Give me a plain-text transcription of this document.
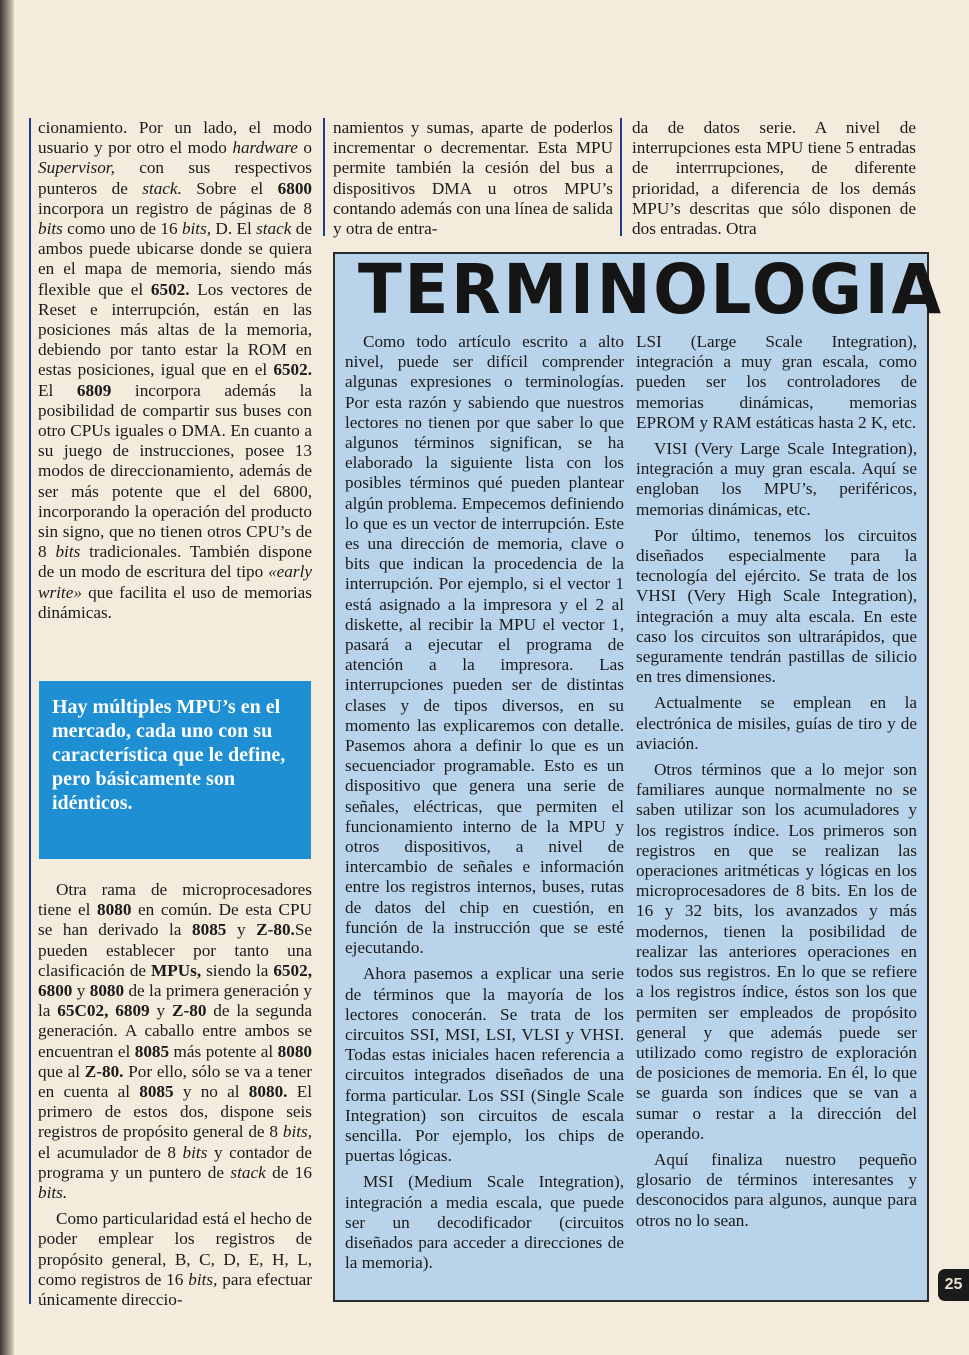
cionamiento. Por un lado, el modo usuario y por otro el modo hardware o Supervisor, con sus respectivos punteros de stack. Sobre el 6800 incorpora un registro de páginas de 8 bits como uno de 16 bits, D. El stack de ambos puede ubicarse donde se quiera en el mapa de memoria, siendo más flexible que el 6502. Los vectores de Reset e interrupción, están en las posiciones más altas de la memoria, debiendo por tanto estar la ROM en estas posiciones, igual que en el 6502. El 6809 incorpora además la posibilidad de compartir sus buses con otro CPUs iguales o DMA. En cuanto a su juego de instrucciones, posee 13 modos de direccionamiento, además de ser más potente que el del 6800, incorporando la operación del producto sin signo, que no tienen otros CPU’s de 8 bits tradicionales. También dispone de un modo de escritura del tipo «early write» que facilita el uso de memorias dinámicas.

Hay múltiples MPU’s en el mercado, cada uno con su característica que le define, pero básicamente son idénticos.

Otra rama de microprocesadores tiene el 8080 en común. De esta CPU se han derivado la 8085 y Z-80.Se pueden establecer por tanto una clasificación de MPUs, siendo la 6502, 6800 y 8080 de la primera generación y la 65C02, 6809 y Z-80 de la segunda generación. A caballo entre ambos se encuentran el 8085 más potente al 8080 que al Z-80. Por ello, sólo se va a tener en cuenta al 8085 y no al 8080. El primero de estos dos, dispone seis registros de propósito general de 8 bits, el acumulador de 8 bits y contador de programa y un puntero de stack de 16 bits.

Como particularidad está el hecho de poder emplear los registros de propósito general, B, C, D, E, H, L, como registros de 16 bits, para efectuar únicamente direccio-

namientos y sumas, aparte de poderlos incrementar o decrementar. Esta MPU permite también la cesión del bus a dispositivos DMA u otros MPU’s contando además con una línea de salida y otra de entra-

da de datos serie. A nivel de interrupciones esta MPU tiene 5 entradas de interrrupciones, de diferente prioridad, a diferencia de los demás MPU’s descritas que sólo disponen de dos entradas. Otra

TERMINOLOGIA

Como todo artículo escrito a alto nivel, puede ser difícil comprender algunas expresiones o terminologías. Por esta razón y sabiendo que nuestros lectores no tienen por que saber lo que algunos términos significan, se ha elaborado la siguiente lista con los posibles términos qué pueden plantear algún problema. Empecemos definiendo lo que es un vector de interrupción. Este es una dirección de memoria, clave o bits que indican la procedencia de la interrupción. Por ejemplo, si el vector 1 está asignado a la impresora y el 2 al diskette, al recibir la MPU el vector 1, pasará a ejecutar el programa de atención a la impresora. Las interrupciones pueden ser de distintas clases y de tipos diversos, en su momento las explicaremos con detalle. Pasemos ahora a definir lo que es un secuenciador programable. Esto es un dispositivo que genera una serie de señales, eléctricas, que permiten el funcionamiento interno de la MPU y otros dispositivos, a nivel de intercambio de señales e información entre los registros internos, buses, rutas de datos del chip en cuestión, en función de la instrucción que se esté ejecutando.

Ahora pasemos a explicar una serie de términos que la mayoría de los lectores conocerán. Se trata de los circuitos SSI, MSI, LSI, VLSI y VHSI. Todas estas iniciales hacen referencia a circuitos integrados diseñados de una forma particular. Los SSI (Single Scale Integration) son circuitos de escala sencilla. Por ejemplo, los chips de puertas lógicas.

MSI (Medium Scale Integration), integración a media escala, que puede ser un decodificador (circuitos diseñados para acceder a direcciones de la memoria).

LSI (Large Scale Integration), integración a muy gran escala, como pueden ser los controladores de memorias dinámicas, memorias EPROM y RAM estáticas hasta 2 K, etc.

VISI (Very Large Scale Integration), integración a muy gran escala. Aquí se engloban los MPU’s, periféricos, memorias dinámicas, etc.

Por último, tenemos los circuitos diseñados especialmente para la tecnología del ejército. Se trata de los VHSI (Very High Scale Integration), integración a muy alta escala. En este caso los circuitos son ultrarápidos, que seguramente tendrán pastillas de silicio en tres dimensiones.

Actualmente se emplean en la electrónica de misiles, guías de tiro y de aviación.

Otros términos que a lo mejor son familiares aunque normalmente no se saben utilizar son los acumuladores y los registros índice. Los primeros son registros en que se realizan las operaciones aritméticas y lógicas en los microprocesadores de 8 bits. En los de 16 y 32 bits, los avanzados y más modernos, tienen la posibilidad de realizar las anteriores operaciones en todos sus registros. En lo que se refiere a los registros índice, éstos son los que permiten ser empleados de propósito general y que además puede ser utilizado como registro de exploración de posiciones de memoria. En él, lo que se guarda son índices que se van a sumar o restar a la dirección del operando.

Aquí finaliza nuestro pequeño glosario de términos interesantes y desconocidos para algunos, aunque para otros no lo sean.

25
